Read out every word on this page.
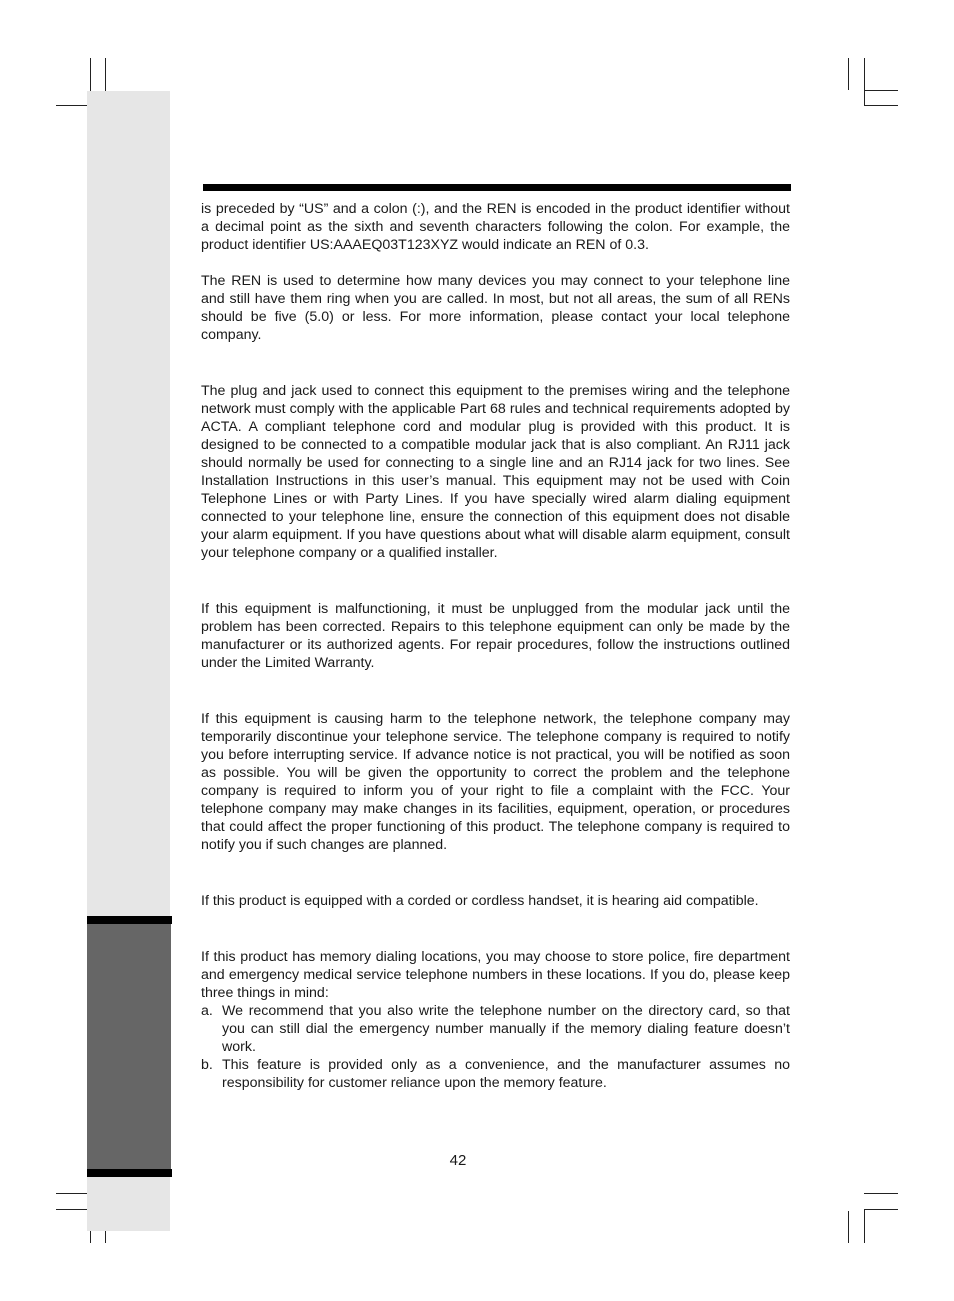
is preceded by “US” and a colon (:), and the REN is encoded in the product identifier without a decimal point as the sixth and seventh characters following the colon. For example, the product identifier US:AAAEQ03T123XYZ would indicate an REN of 0.3.

The REN is used to determine how many devices you may connect to your telephone line and still have them ring when you are called. In most, but not all areas, the sum of all RENs should be five (5.0) or less. For more information, please contact your local telephone company.

The plug and jack used to connect this equipment to the premises wiring and the telephone network must comply with the applicable Part 68 rules and technical requirements adopted by ACTA. A compliant telephone cord and modular plug is provided with this product. It is designed to be connected to a compatible modular jack that is also compliant. An RJ11 jack should normally be used for connecting to a single line and an RJ14 jack for two lines. See Installation Instructions in this user’s manual. This equipment may not be used with Coin Telephone Lines or with Party Lines. If you have specially wired alarm dialing equipment connected to your telephone line, ensure the connection of this equipment does not disable your alarm equipment. If you have questions about what will disable alarm equipment, consult your telephone company or a qualified installer.

If this equipment is malfunctioning, it must be unplugged from the modular jack until the problem has been corrected. Repairs to this telephone equipment can only be made by the manufacturer or its authorized agents. For repair procedures, follow the instructions outlined under the Limited Warranty.

If this equipment is causing harm to the telephone network, the telephone company may temporarily discontinue your telephone service. The telephone company is required to notify you before interrupting service. If advance notice is not practical, you will be notified as soon as possible. You will be given the opportunity to correct the problem and the telephone company is required to inform you of your right to file a complaint with the FCC. Your telephone company may make changes in its facilities, equipment, operation, or procedures that could affect the proper functioning of this product. The telephone company is required to notify you if such changes are planned.

If this product is equipped with a corded or cordless handset, it is hearing aid compatible.

If this product has memory dialing locations, you may choose to store police, fire department and emergency medical service telephone numbers in these locations. If you do, please keep three things in mind:

a. We recommend that you also write the telephone number on the directory card, so that you can still dial the emergency number manually if the memory dialing feature doesn’t work.
b. This feature is provided only as a convenience, and the manufacturer assumes no responsibility for customer reliance upon the memory feature.
42
